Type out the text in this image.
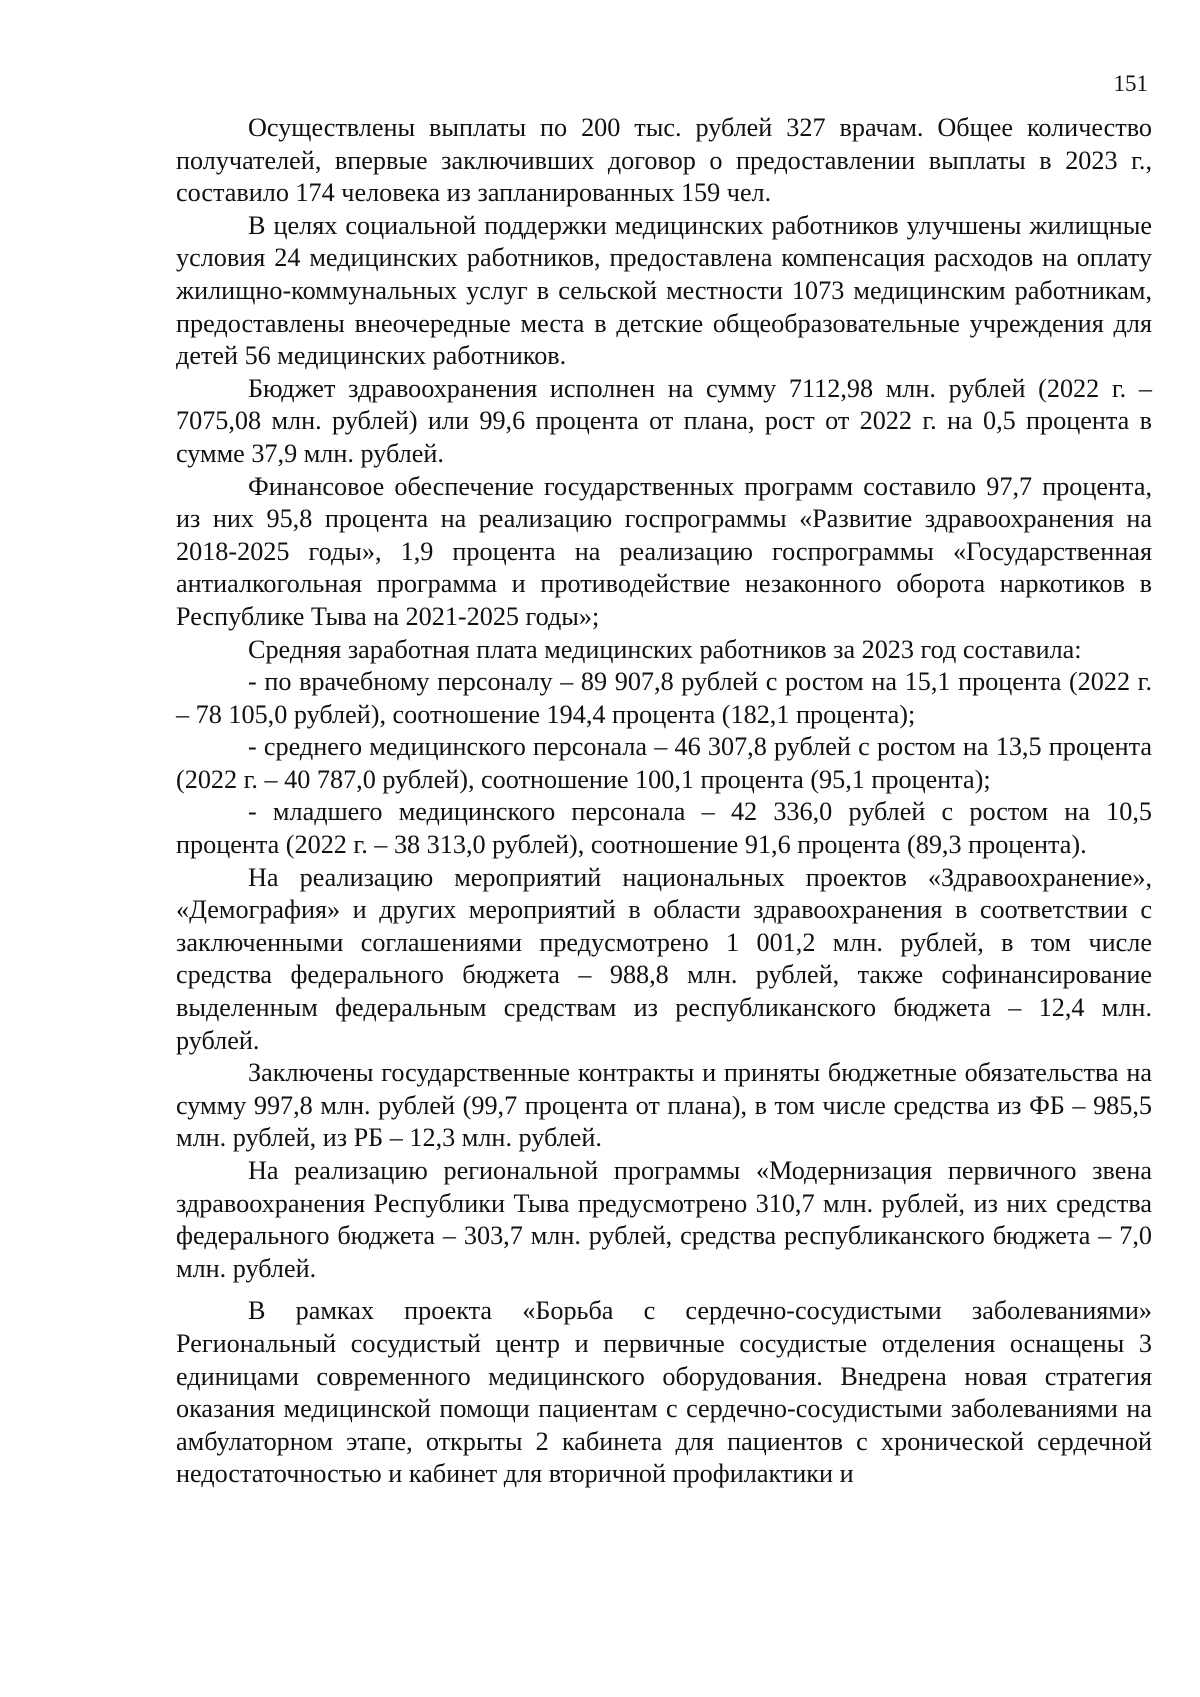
151

Осуществлены выплаты по 200 тыс. рублей 327 врачам. Общее количество получателей, впервые заключивших договор о предоставлении выплаты в 2023 г., составило 174 человека из запланированных 159 чел.

В целях социальной поддержки медицинских работников улучшены жилищные условия 24 медицинских работников, предоставлена компенсация расходов на оплату жилищно-коммунальных услуг в сельской местности 1073 медицинским работникам, предоставлены внеочередные места в детские общеобразовательные учреждения для детей 56 медицинских работников.

Бюджет здравоохранения исполнен на сумму 7112,98 млн. рублей (2022 г. – 7075,08 млн. рублей) или 99,6 процента от плана, рост от 2022 г. на 0,5 процента в сумме 37,9 млн. рублей.

Финансовое обеспечение государственных программ составило 97,7 процента, из них 95,8 процента на реализацию госпрограммы «Развитие здравоохранения на 2018-2025 годы», 1,9 процента на реализацию госпрограммы «Государственная антиалкогольная программа и противодействие незаконного оборота наркотиков в Республике Тыва на 2021-2025 годы»;

Средняя заработная плата медицинских работников за 2023 год составила:

- по врачебному персоналу – 89 907,8 рублей с ростом на 15,1 процента (2022 г. – 78 105,0 рублей), соотношение 194,4 процента (182,1 процента);

- среднего медицинского персонала – 46 307,8 рублей с ростом на 13,5 процента (2022 г. – 40 787,0 рублей), соотношение 100,1 процента (95,1 процента);

- младшего медицинского персонала – 42 336,0 рублей с ростом на 10,5 процента (2022 г. – 38 313,0 рублей), соотношение 91,6 процента (89,3 процента).

На реализацию мероприятий национальных проектов «Здравоохранение», «Демография» и других мероприятий в области здравоохранения в соответствии с заключенными соглашениями предусмотрено 1 001,2 млн. рублей, в том числе средства федерального бюджета – 988,8 млн. рублей, также софинансирование выделенным федеральным средствам из республиканского бюджета – 12,4 млн. рублей.

Заключены государственные контракты и приняты бюджетные обязательства на сумму 997,8 млн. рублей (99,7 процента от плана), в том числе средства из ФБ – 985,5 млн. рублей, из РБ – 12,3 млн. рублей.

На реализацию региональной программы «Модернизация первичного звена здравоохранения Республики Тыва предусмотрено 310,7 млн. рублей, из них средства федерального бюджета – 303,7 млн. рублей, средства республиканского бюджета – 7,0 млн. рублей.

В рамках проекта «Борьба с сердечно-сосудистыми заболеваниями» Региональный сосудистый центр и первичные сосудистые отделения оснащены 3 единицами современного медицинского оборудования. Внедрена новая стратегия оказания медицинской помощи пациентам с сердечно-сосудистыми заболеваниями на амбулаторном этапе, открыты 2 кабинета для пациентов с хронической сердечной недостаточностью и кабинет для вторичной профилактики и
